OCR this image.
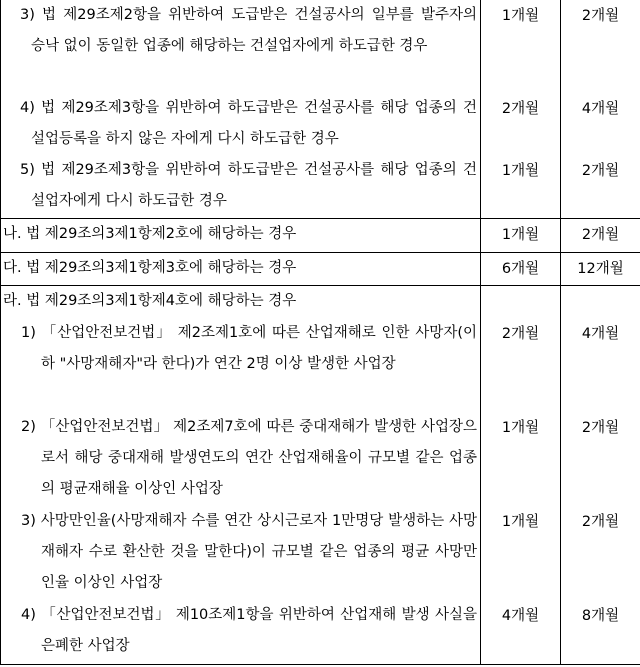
3) 법 제29조제2항을 위반하여 도급받은 건설공사의 일부를 발주자의 승낙 없이 동일한 업종에 해당하는 건설업자에게 하도급한 경우	1개월	2개월

4) 법 제29조제3항을 위반하여 하도급받은 건설공사를 해당 업종의 건설업등록을 하지 않은 자에게 다시 하도급한 경우	2개월	4개월

5) 법 제29조제3항을 위반하여 하도급받은 건설공사를 해당 업종의 건설업자에게 다시 하도급한 경우	1개월	2개월

나. 법 제29조의3제1항제2호에 해당하는 경우	1개월	2개월

다. 법 제29조의3제1항제3호에 해당하는 경우	6개월	12개월

라. 법 제29조의3제1항제4호에 해당하는 경우		

1) 「산업안전보건법」 제2조제1호에 따른 산업재해로 인한 사망자(이하 "사망재해자"라 한다)가 연간 2명 이상 발생한 사업장	2개월	4개월

2) 「산업안전보건법」 제2조제7호에 따른 중대재해가 발생한 사업장으로서 해당 중대재해 발생연도의 연간 산업재해율이 규모별 같은 업종의 평균재해율 이상인 사업장	1개월	2개월

3) 사망만인율(사망재해자 수를 연간 상시근로자 1만명당 발생하는 사망재해자 수로 환산한 것을 말한다)이 규모별 같은 업종의 평균 사망만인율 이상인 사업장	1개월	2개월

4) 「산업안전보건법」 제10조제1항을 위반하여 산업재해 발생 사실을 은폐한 사업장	4개월	8개월
